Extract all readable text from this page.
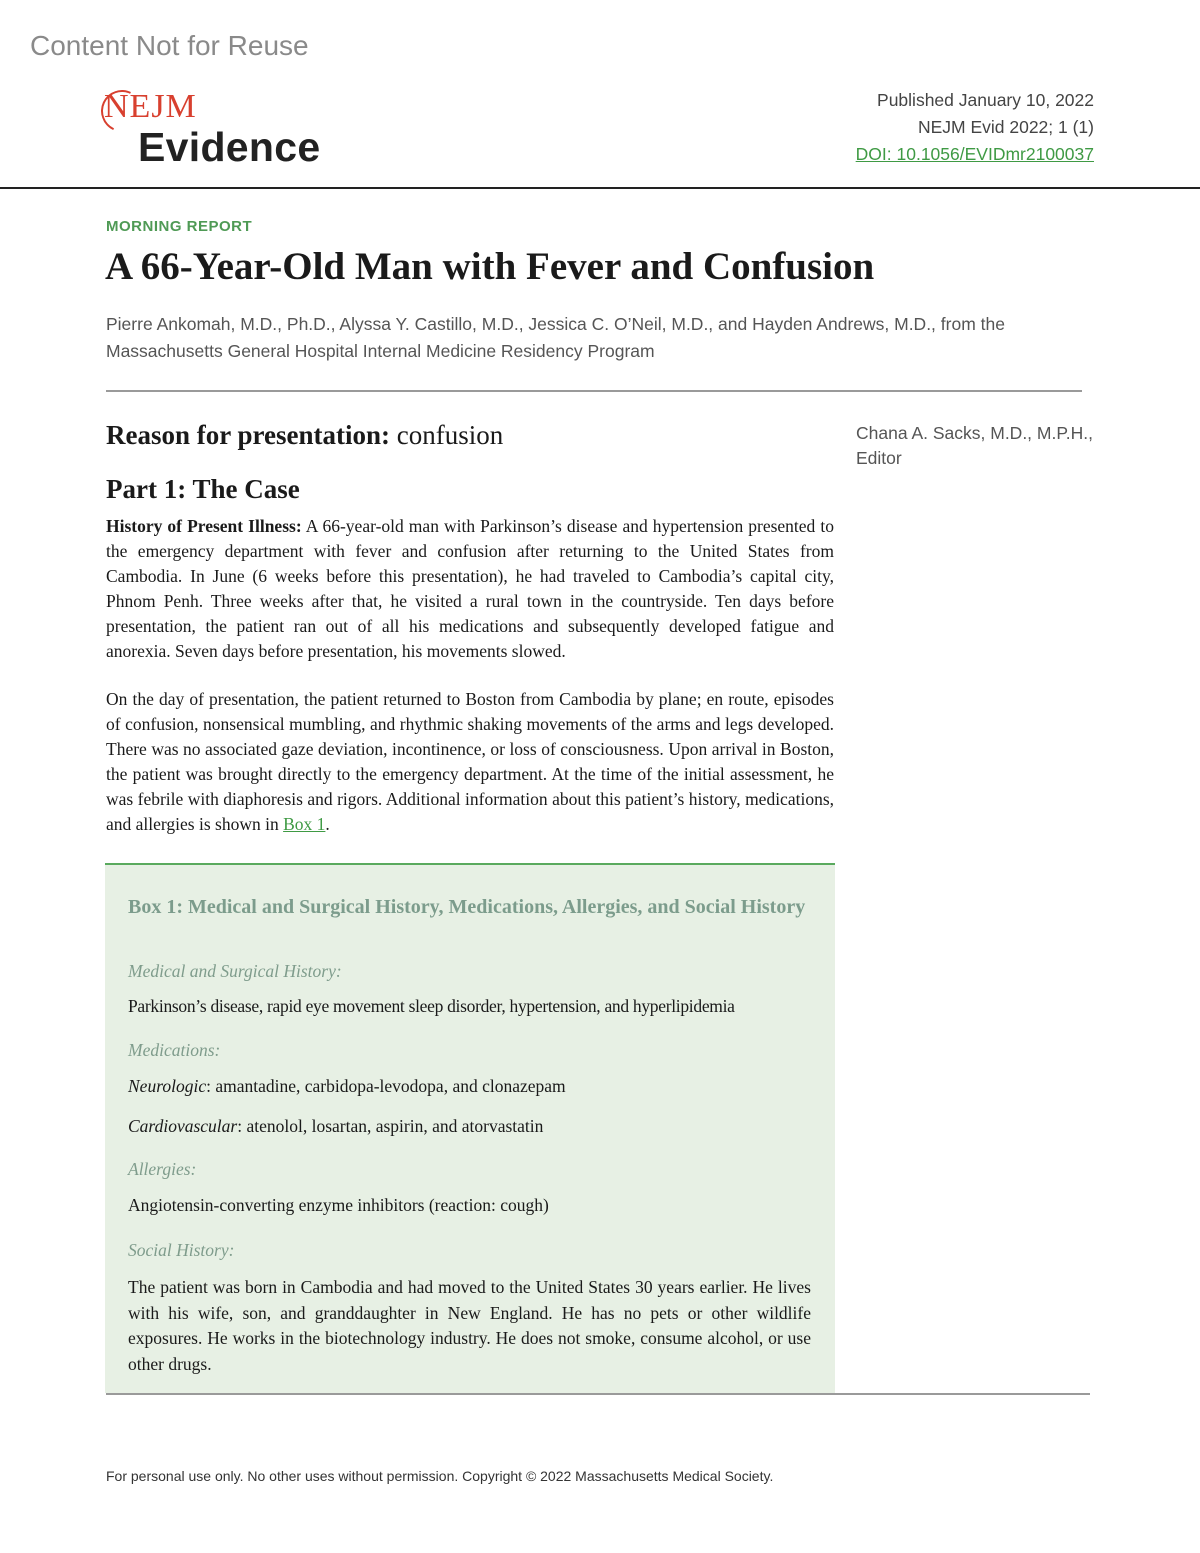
Content Not for Reuse
NEJM
Evidence
Published January 10, 2022
NEJM Evid 2022; 1 (1)
DOI: 10.1056/EVIDmr2100037
MORNING REPORT
A 66-Year-Old Man with Fever and Confusion
Pierre Ankomah, M.D., Ph.D., Alyssa Y. Castillo, M.D., Jessica C. O’Neil, M.D., and Hayden Andrews, M.D., from the Massachusetts General Hospital Internal Medicine Residency Program
Reason for presentation: confusion	Chana A. Sacks, M.D., M.P.H.,
Editor
Part 1: The Case
History of Present Illness: A 66-year-old man with Parkinson’s disease and hypertension presented to the emergency department with fever and confusion after returning to the United States from Cambodia. In June (6 weeks before this presentation), he had traveled to Cambodia’s capital city, Phnom Penh. Three weeks after that, he visited a rural town in the countryside. Ten days before presentation, the patient ran out of all his medications and subsequently developed fatigue and anorexia. Seven days before presentation, his movements slowed.
On the day of presentation, the patient returned to Boston from Cambodia by plane; en route, episodes of confusion, nonsensical mumbling, and rhythmic shaking movements of the arms and legs developed. There was no associated gaze deviation, incontinence, or loss of consciousness. Upon arrival in Boston, the patient was brought directly to the emergency department. At the time of the initial assessment, he was febrile with diaphoresis and rigors. Additional information about this patient’s history, medications, and allergies is shown in Box 1.
Box 1: Medical and Surgical History, Medications, Allergies, and Social History
Medical and Surgical History:
Parkinson’s disease, rapid eye movement sleep disorder, hypertension, and hyperlipidemia
Medications:
Neurologic: amantadine, carbidopa-levodopa, and clonazepam
Cardiovascular: atenolol, losartan, aspirin, and atorvastatin
Allergies:
Angiotensin-converting enzyme inhibitors (reaction: cough)
Social History:
The patient was born in Cambodia and had moved to the United States 30 years earlier. He lives with his wife, son, and granddaughter in New England. He has no pets or other wildlife exposures. He works in the biotechnology industry. He does not smoke, consume alcohol, or use other drugs.
For personal use only. No other uses without permission. Copyright © 2022 Massachusetts Medical Society.
